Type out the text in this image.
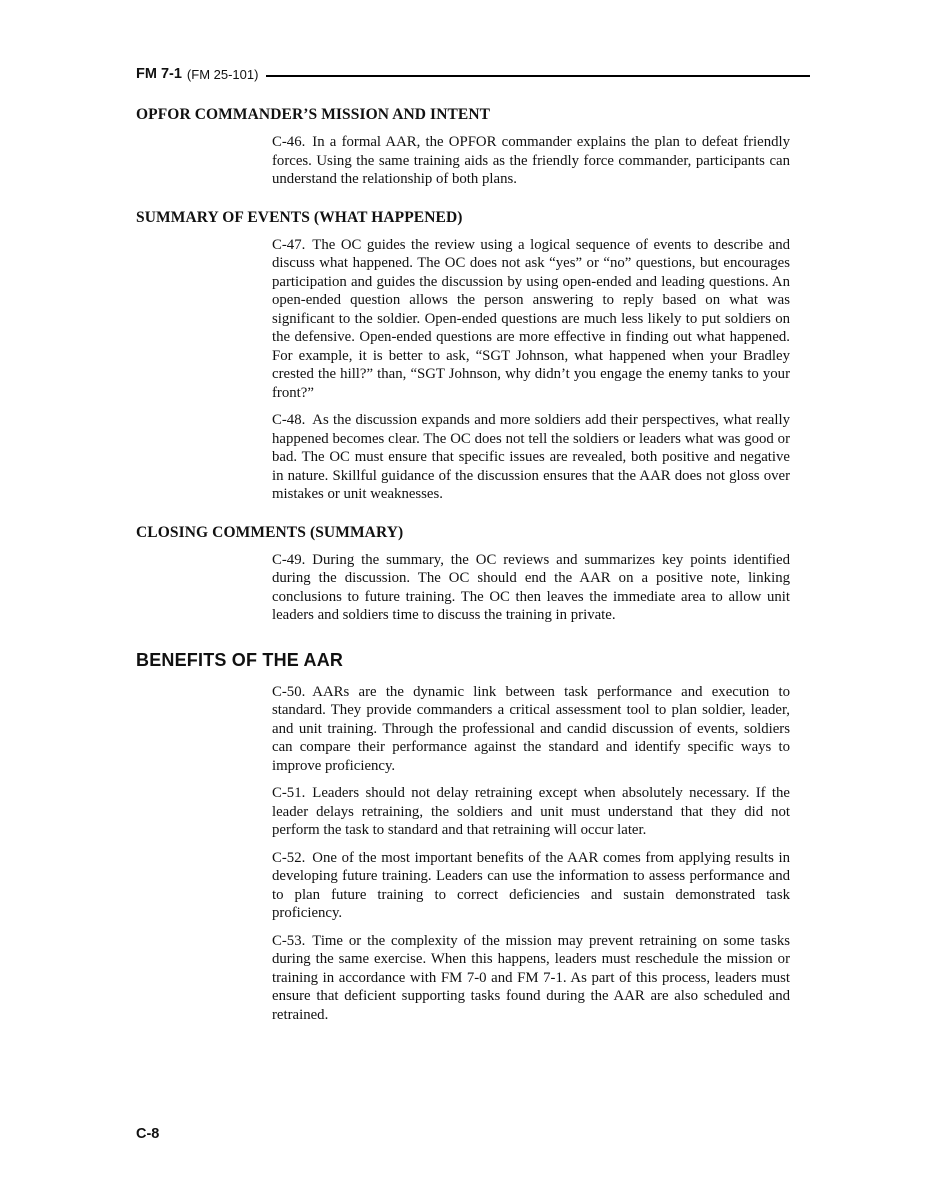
FM 7-1 (FM 25-101)
OPFOR COMMANDER’S MISSION AND INTENT

C-46. In a formal AAR, the OPFOR commander explains the plan to defeat friendly forces. Using the same training aids as the friendly force commander, participants can understand the relationship of both plans.

SUMMARY OF EVENTS (WHAT HAPPENED)

C-47. The OC guides the review using a logical sequence of events to describe and discuss what happened. The OC does not ask “yes” or “no” questions, but encourages participation and guides the discussion by using open-ended and leading questions. An open-ended question allows the person answering to reply based on what was significant to the soldier. Open-ended questions are much less likely to put soldiers on the defensive. Open-ended questions are more effective in finding out what happened. For example, it is better to ask, “SGT Johnson, what happened when your Bradley crested the hill?” than, “SGT Johnson, why didn’t you engage the enemy tanks to your front?”

C-48. As the discussion expands and more soldiers add their perspectives, what really happened becomes clear. The OC does not tell the soldiers or leaders what was good or bad. The OC must ensure that specific issues are revealed, both positive and negative in nature. Skillful guidance of the discussion ensures that the AAR does not gloss over mistakes or unit weaknesses.

CLOSING COMMENTS (SUMMARY)

C-49. During the summary, the OC reviews and summarizes key points identified during the discussion. The OC should end the AAR on a positive note, linking conclusions to future training. The OC then leaves the immediate area to allow unit leaders and soldiers time to discuss the training in private.

BENEFITS OF THE AAR

C-50. AARs are the dynamic link between task performance and execution to standard. They provide commanders a critical assessment tool to plan soldier, leader, and unit training. Through the professional and candid discussion of events, soldiers can compare their performance against the standard and identify specific ways to improve proficiency.

C-51. Leaders should not delay retraining except when absolutely necessary. If the leader delays retraining, the soldiers and unit must understand that they did not perform the task to standard and that retraining will occur later.

C-52. One of the most important benefits of the AAR comes from applying results in developing future training. Leaders can use the information to assess performance and to plan future training to correct deficiencies and sustain demonstrated task proficiency.

C-53. Time or the complexity of the mission may prevent retraining on some tasks during the same exercise. When this happens, leaders must reschedule the mission or training in accordance with FM 7-0 and FM 7-1. As part of this process, leaders must ensure that deficient supporting tasks found during the AAR are also scheduled and retrained.

C-8
